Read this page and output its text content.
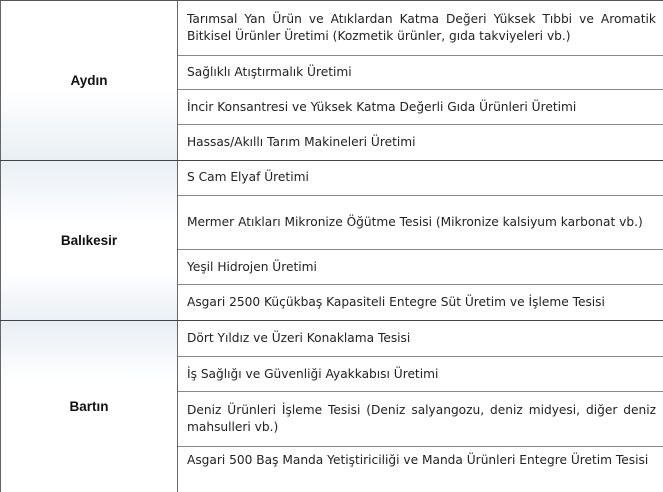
Aydın
Tarımsal Yan Ürün ve Atıklardan Katma Değeri Yüksek Tıbbi ve Aromatik Bitkisel Ürünler Üretimi (Kozmetik ürünler, gıda takviyeleri vb.)
Sağlıklı Atıştırmalık Üretimi
İncir Konsantresi ve Yüksek Katma Değerli Gıda Ürünleri Üretimi
Hassas/Akıllı Tarım Makineleri Üretimi
Balıkesir
S Cam Elyaf Üretimi
Mermer Atıkları Mikronize Öğütme Tesisi (Mikronize kalsiyum karbonat vb.)
Yeşil Hidrojen Üretimi
Asgari 2500 Küçükbaş Kapasiteli Entegre Süt Üretim ve İşleme Tesisi
Bartın
Dört Yıldız ve Üzeri Konaklama Tesisi
İş Sağlığı ve Güvenliği Ayakkabısı Üretimi
Deniz Ürünleri İşleme Tesisi (Deniz salyangozu, deniz midyesi, diğer deniz mahsulleri vb.)
Asgari 500 Baş Manda Yetiştiriciliği ve Manda Ürünleri Entegre Üretim Tesisi
